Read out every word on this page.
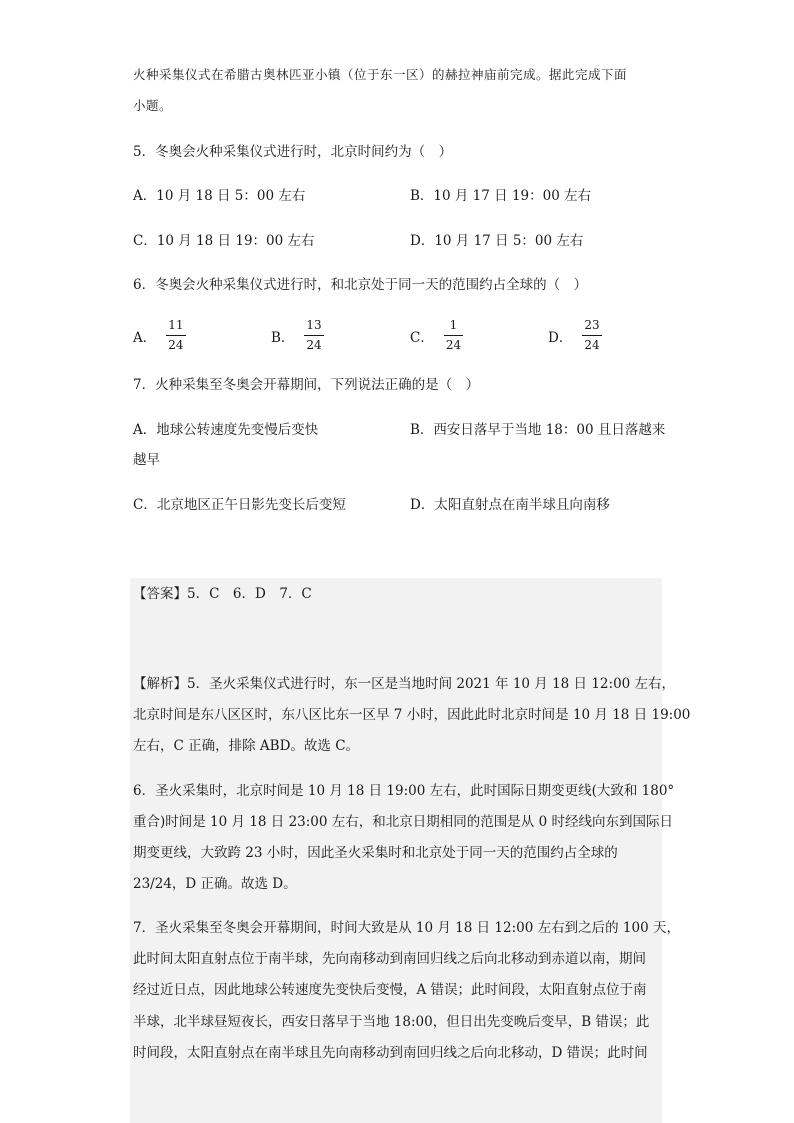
火种采集仪式在希腊古奥林匹亚小镇（位于东一区）的赫拉神庙前完成。据此完成下面
小题。
5．冬奥会火种采集仪式进行时，北京时间约为（　）
A．10 月 18 日 5：00 左右	B．10 月 17 日 19：00 左右
C．10 月 18 日 19：00 左右	D．10 月 17 日 5：00 左右
6．冬奥会火种采集仪式进行时，和北京处于同一天的范围约占全球的（　）
A． $\frac{11}{24}$	B． $\frac{13}{24}$	C． $\frac{1}{24}$	D． $\frac{23}{24}$
7．火种采集至冬奥会开幕期间，下列说法正确的是（　）
A．地球公转速度先变慢后变快	B．西安日落早于当地 18：00 且日落越来
越早
C．北京地区正午日影先变长后变短	D．太阳直射点在南半球且向南移
【答案】5．C　6．D　7．C
【解析】5．圣火采集仪式进行时，东一区是当地时间 2021 年 10 月 18 日 12:00 左右，
北京时间是东八区区时，东八区比东一区早 7 小时，因此此时北京时间是 10 月 18 日 19:00
左右，C 正确，排除 ABD。故选 C。
6．圣火采集时，北京时间是 10 月 18 日 19:00 左右，此时国际日期变更线(大致和 180°
重合)时间是 10 月 18 日 23:00 左右，和北京日期相同的范围是从 0 时经线向东到国际日
期变更线，大致跨 23 小时，因此圣火采集时和北京处于同一天的范围约占全球的
23/24，D 正确。故选 D。
7．圣火采集至冬奥会开幕期间，时间大致是从 10 月 18 日 12:00 左右到之后的 100 天，
此时间太阳直射点位于南半球，先向南移动到南回归线之后向北移动到赤道以南，期间
经过近日点，因此地球公转速度先变快后变慢，A 错误；此时间段，太阳直射点位于南
半球，北半球昼短夜长，西安日落早于当地 18:00，但日出先变晚后变早，B 错误；此
时间段，太阳直射点在南半球且先向南移动到南回归线之后向北移动，D 错误；此时间
